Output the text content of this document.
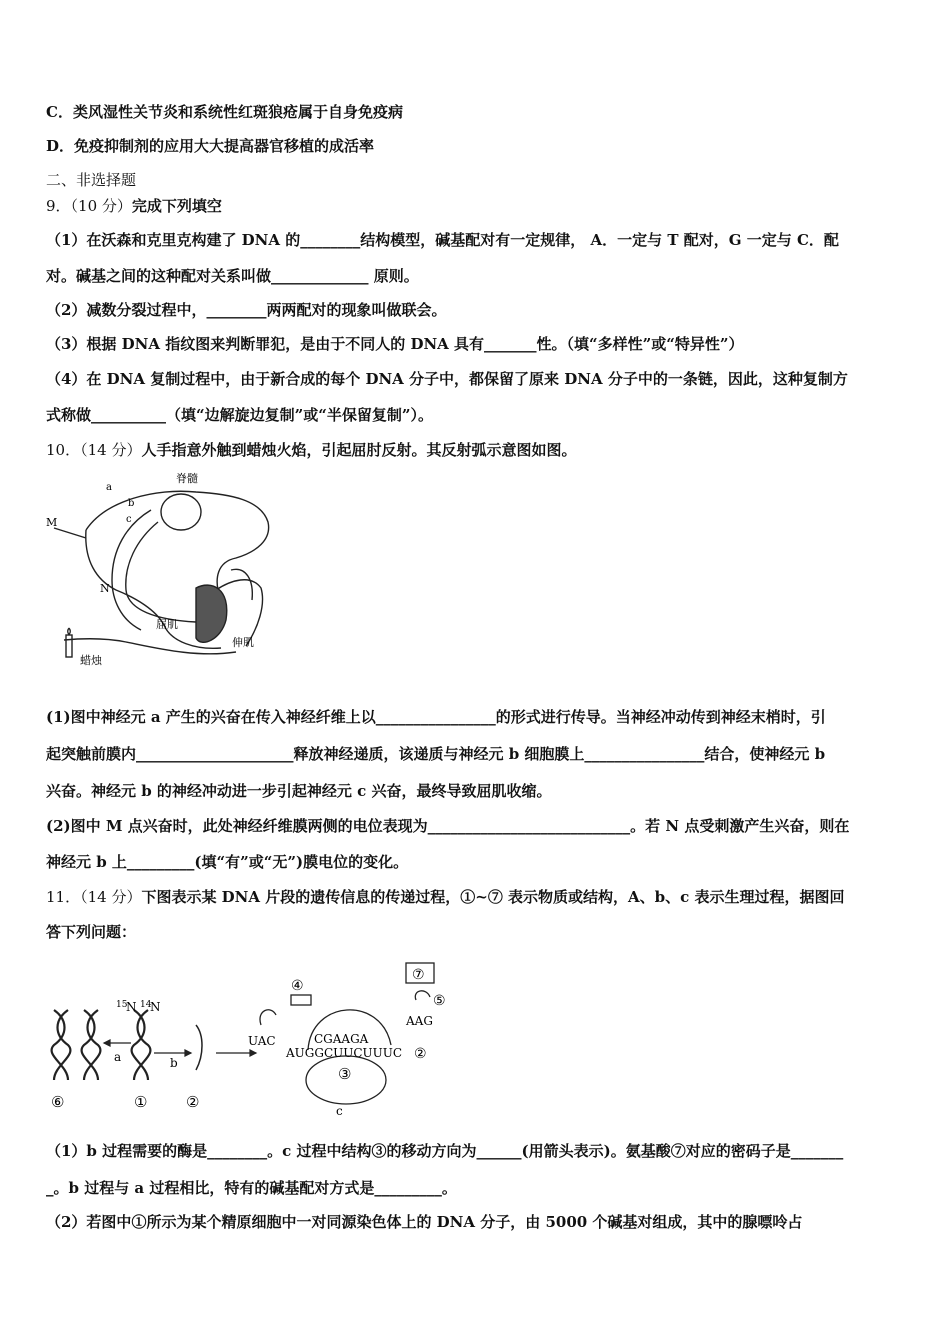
C．类风湿性关节炎和系统性红斑狼疮属于自身免疫病
D．免疫抑制剂的应用大大提高器官移植的成活率
二、非选择题
9．（10 分）完成下列填空
（1）在沃森和克里克构建了 DNA 的________结构模型，碱基配对有一定规律， A．一定与 T 配对，G 一定与 C．配
对。碱基之间的这种配对关系叫做_____________ 原则。
（2）减数分裂过程中，________两两配对的现象叫做联会。
（3）根据 DNA 指纹图来判断罪犯，是由于不同人的 DNA 具有_______性。（填“多样性”或“特异性”）
（4）在 DNA 复制过程中，由于新合成的每个 DNA 分子中，都保留了原来 DNA 分子中的一条链，因此，这种复制方
式称做__________（填“边解旋边复制”或“半保留复制”）。
10．（14 分）人手指意外触到蜡烛火焰，引起屈肘反射。其反射弧示意图如图。
脊髓
a
b
c
M
N
屈肌
伸肌
蜡烛
(1)图中神经元 a 产生的兴奋在传入神经纤维上以________________的形式进行传导。当神经冲动传到神经末梢时，引
起突触前膜内_____________________释放神经递质，该递质与神经元 b 细胞膜上________________结合，使神经元 b
兴奋。神经元 b 的神经冲动进一步引起神经元 c 兴奋，最终导致屈肌收缩。
(2)图中 M 点兴奋时，此处神经纤维膜两侧的电位表现为___________________________。若 N 点受刺激产生兴奋，则在
神经元 b 上_________(填“有”或“无”)膜电位的变化。
11．（14 分）下图表示某 DNA 片段的遗传信息的传递过程，①~⑦ 表示物质或结构，A、b、c 表示生理过程，据图回
答下列问题：
15
N 14
N
a	b
c
⑥	①	②
④
⑦
⑤
③
②
UAC
AAG
CGAAGA
AUGGCUUCUUUC
（1）b 过程需要的酶是________。c 过程中结构③的移动方向为______(用箭头表示)。氨基酸⑦对应的密码子是_______
_。b 过程与 a 过程相比，特有的碱基配对方式是_________。
（2）若图中①所示为某个精原细胞中一对同源染色体上的 DNA 分子，由 5000 个碱基对组成，其中的腺嘌呤占
